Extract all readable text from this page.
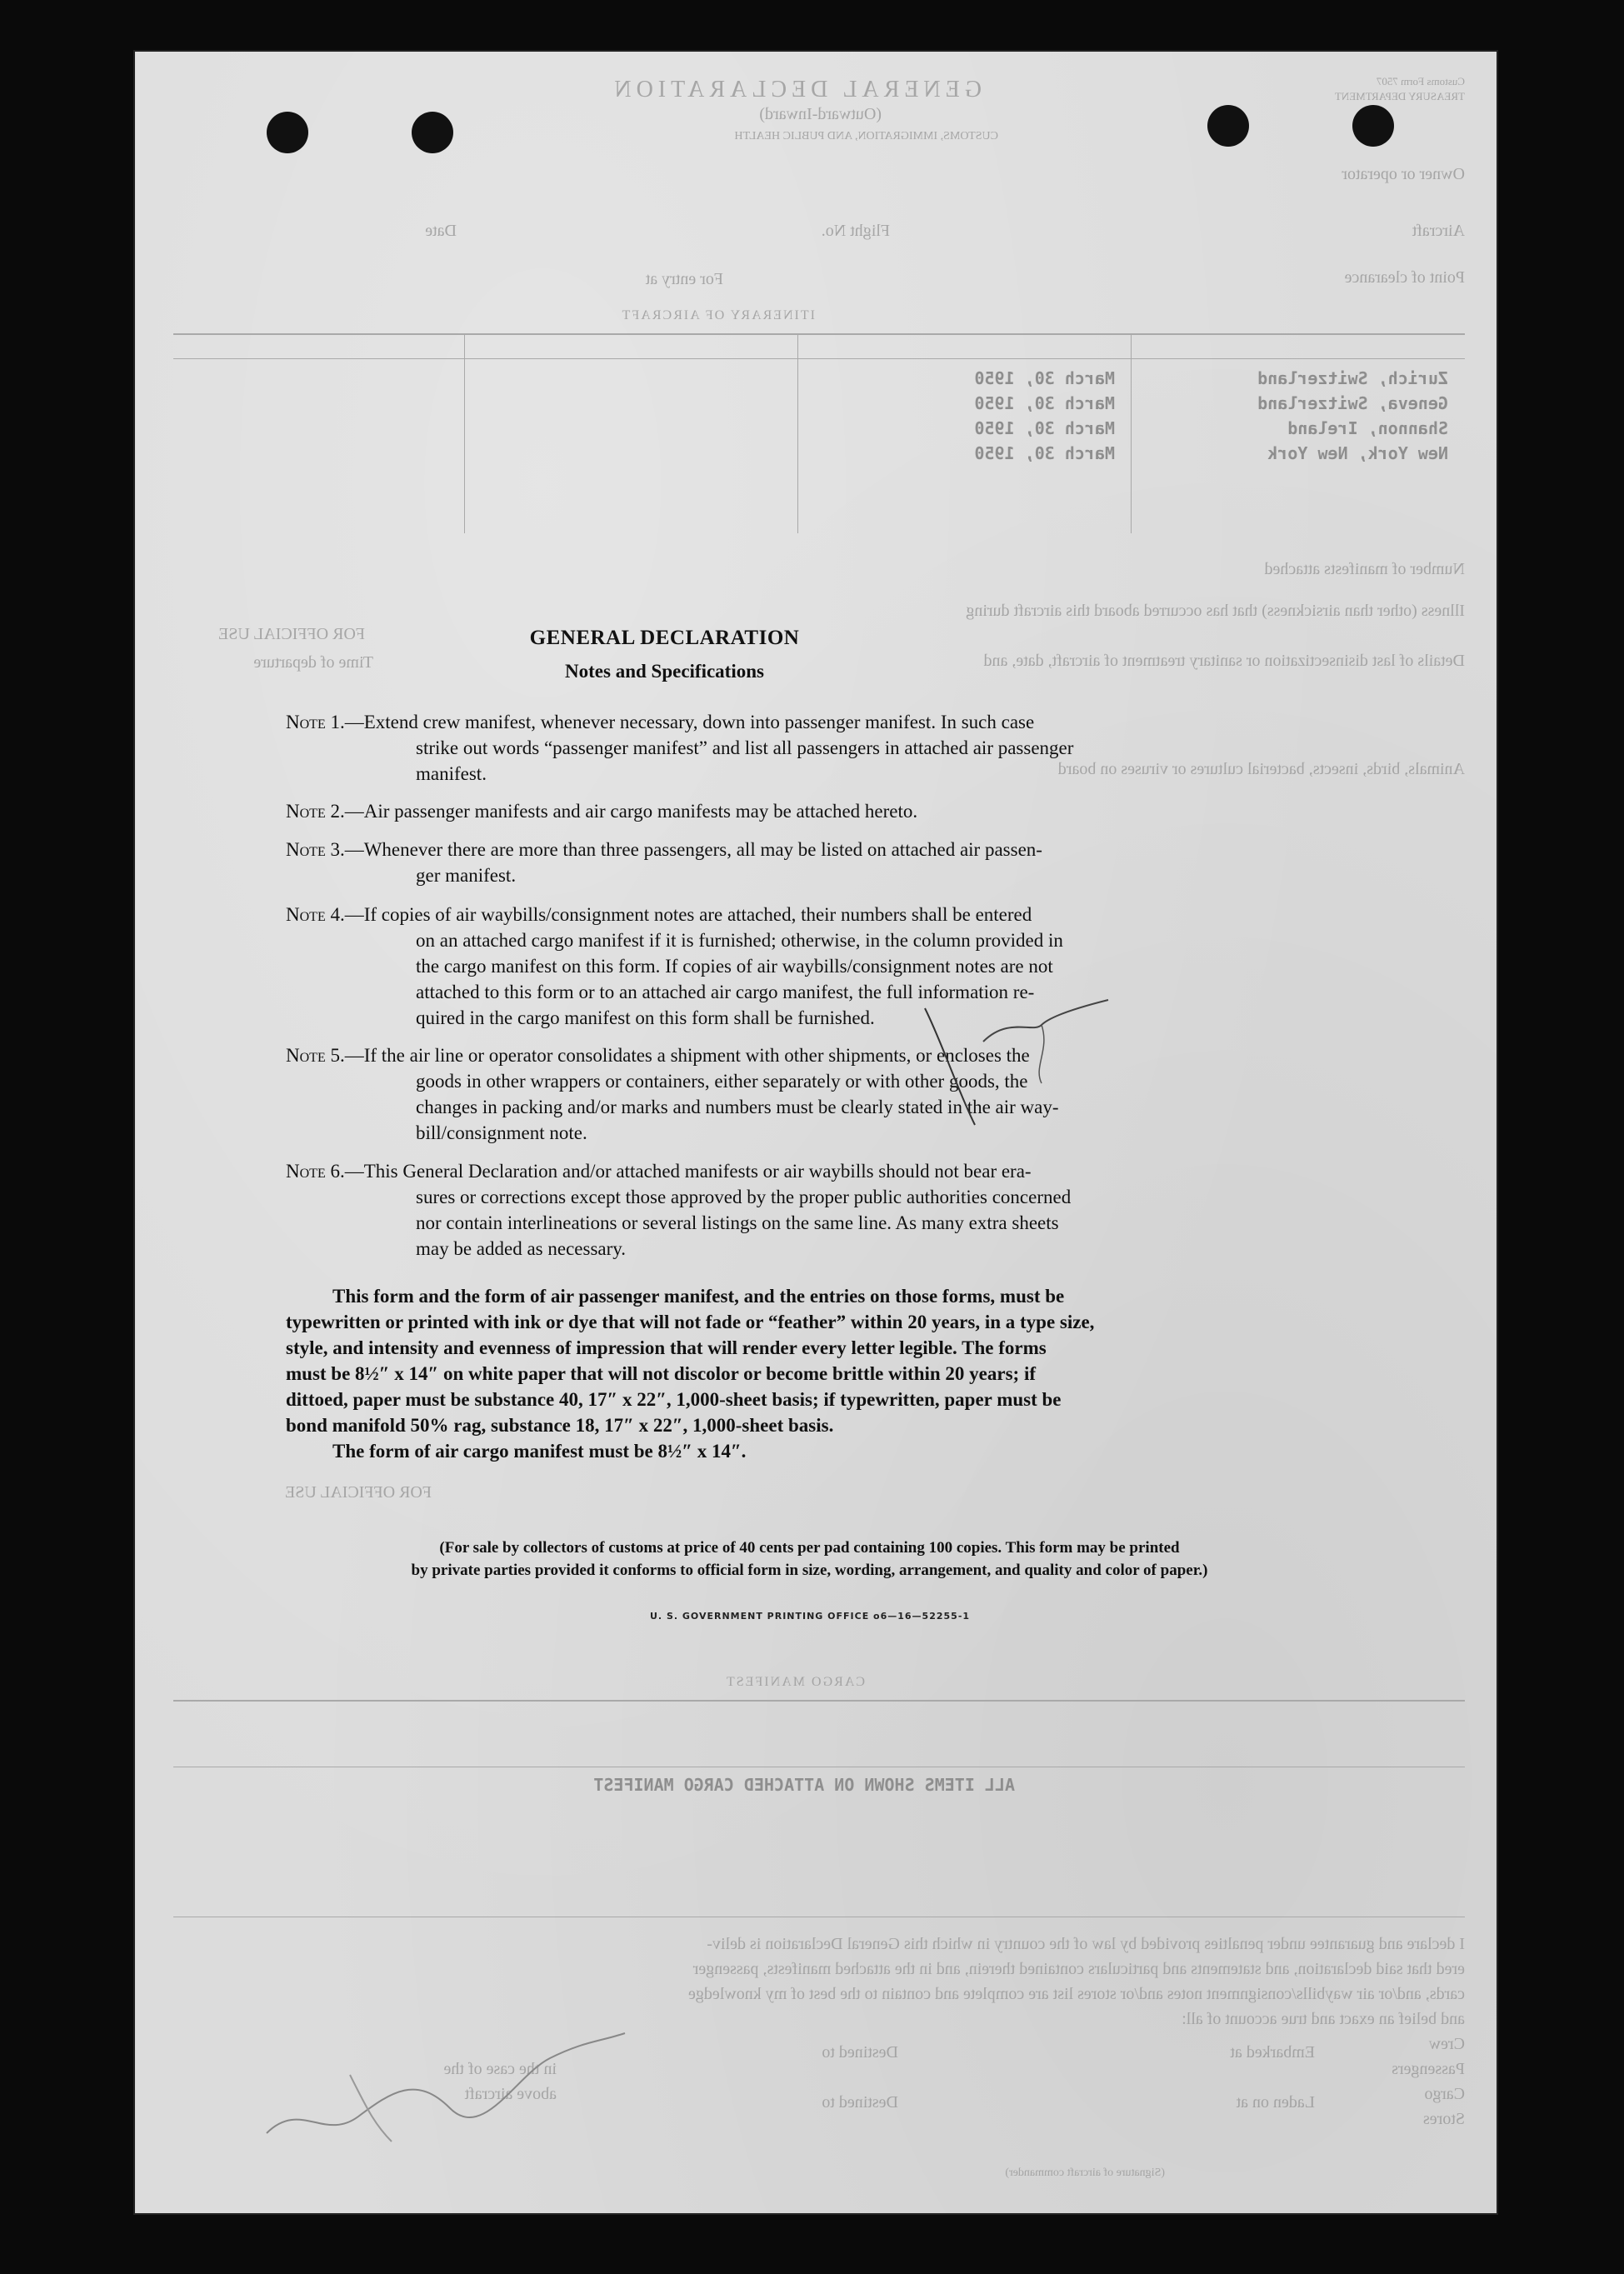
GENERAL DECLARATION
(Outward-Inward)
CUSTOMS, IMMIGRATION, AND PUBLIC HEALTH
Customs Form 7507
TREASURY DEPARTMENT
Owner or operator
Aircraft
Point of clearance
Flight No.
Date
For entry at
ITINERARY OF AIRCRAFT
Zurich, Switzerland
Geneva, Switzerland
Shannon, Ireland
New York, New York
March 30, 1950
March 30, 1950
March 30, 1950
March 30, 1950
Number of manifests attached
Illness (other than airsickness) that has occurred aboard this aircraft during
Details of last disinsectization or sanitary treatment of aircraft, date, and
Animals, birds, insects, bacterial cultures or viruses on board
FOR OFFICIAL USE
Time of departure
FOR OFFICIAL USE
CARGO MANIFEST
ALL ITEMS SHOWN ON ATTACHED CARGO MANIFEST
I declare and guarantee under penalties provided by law of the country in which this General Declaration is deliv-
ered that said declaration, and statements and particulars contained therein, and in the attached manifests, passenger
cards, and/or air waybills/consignment notes and/or stores list are complete and contain to the best of my knowledge
and belief an exact and true account of all:
Crew
Passengers
Cargo
Stores
Embarked at
Laden on at
Destined to
Destined to
in the case of the
above aircraft
(Signature of aircraft commander)
GENERAL DECLARATION
Notes and Specifications
Note 1.—Extend crew manifest, whenever necessary, down into passenger manifest. In such case
strike out words “passenger manifest” and list all passengers in attached air passenger
manifest.
Note 2.—Air passenger manifests and air cargo manifests may be attached hereto.
Note 3.—Whenever there are more than three passengers, all may be listed on attached air passen-
ger manifest.
Note 4.—If copies of air waybills/consignment notes are attached, their numbers shall be entered
on an attached cargo manifest if it is furnished; otherwise, in the column provided in
the cargo manifest on this form. If copies of air waybills/consignment notes are not
attached to this form or to an attached air cargo manifest, the full information re-
quired in the cargo manifest on this form shall be furnished.
Note 5.—If the air line or operator consolidates a shipment with other shipments, or encloses the
goods in other wrappers or containers, either separately or with other goods, the
changes in packing and/or marks and numbers must be clearly stated in the air way-
bill/consignment note.
Note 6.—This General Declaration and/or attached manifests or air waybills should not bear era-
sures or corrections except those approved by the proper public authorities concerned
nor contain interlineations or several listings on the same line. As many extra sheets
may be added as necessary.
This form and the form of air passenger manifest, and the entries on those forms, must be
typewritten or printed with ink or dye that will not fade or “feather” within 20 years, in a type size,
style, and intensity and evenness of impression that will render every letter legible. The forms
must be 8½″ x 14″ on white paper that will not discolor or become brittle within 20 years; if
dittoed, paper must be substance 40, 17″ x 22″, 1,000-sheet basis; if typewritten, paper must be
bond manifold 50% rag, substance 18, 17″ x 22″, 1,000-sheet basis.
The form of air cargo manifest must be 8½″ x 14″.
(For sale by collectors of customs at price of 40 cents per pad containing 100 copies. This form may be printed
by private parties provided it conforms to official form in size, wording, arrangement, and quality and color of paper.)
U. S. GOVERNMENT PRINTING OFFICE o6—16—52255-1
